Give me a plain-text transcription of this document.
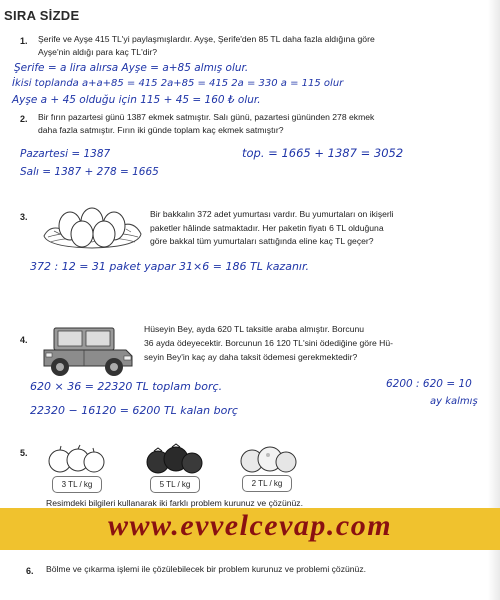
SIRA SİZDE
1. Şerife ve Ayşe 415 TL'yi paylaşmışlardır. Ayşe, Şerife'den 85 TL daha fazla aldığına göre
Ayşe'nin aldığı para kaç TL'dir?
Şerife = a lira alırsa Ayşe = a+85 almış olur.
İkisi toplanda a+a+85 = 415 2a+85 = 415 2a = 330 a = 115 olur
Ayşe a + 45 olduğu için 115 + 45 = 160 ₺ olur.
2. Bir fırın pazartesi günü 1387 ekmek satmıştır. Salı günü, pazartesi gününden 278 ekmek
daha fazla satmıştır. Fırın iki günde toplam kaç ekmek satmıştır?
Pazartesi = 1387
Salı = 1387 + 278 = 1665
top. = 1665 + 1387 = 3052
3.	Bir bakkalın 372 adet yumurtası vardır. Bu yumurtaları on ikişerli
paketler hâlinde satmaktadır. Her paketin fiyatı 6 TL olduğuna
göre bakkal tüm yumurtaları sattığında eline kaç TL geçer?
372 : 12 = 31 paket yapar 31×6 = 186 TL kazanır.
4.
Hüseyin Bey, ayda 620 TL taksitle araba almıştır. Borcunu
36 ayda ödeyecektir. Borcunun 16 120 TL'sini ödediğine göre Hü-
seyin Bey'in kaç ay daha taksit ödemesi gerekmektedir?
620 × 36 = 22320 TL toplam borç.
22320 − 16120 = 6200 TL kalan borç
6200 : 620 = 10
ay kalmış
5.
3 TL / kg	5 TL / kg	2 TL / kg
Resimdeki bilgileri kullanarak iki farklı problem kurunuz ve çözünüz.
www.evvelcevap.com
6. Bölme ve çıkarma işlemi ile çözülebilecek bir problem kurunuz ve problemi çözünüz.
